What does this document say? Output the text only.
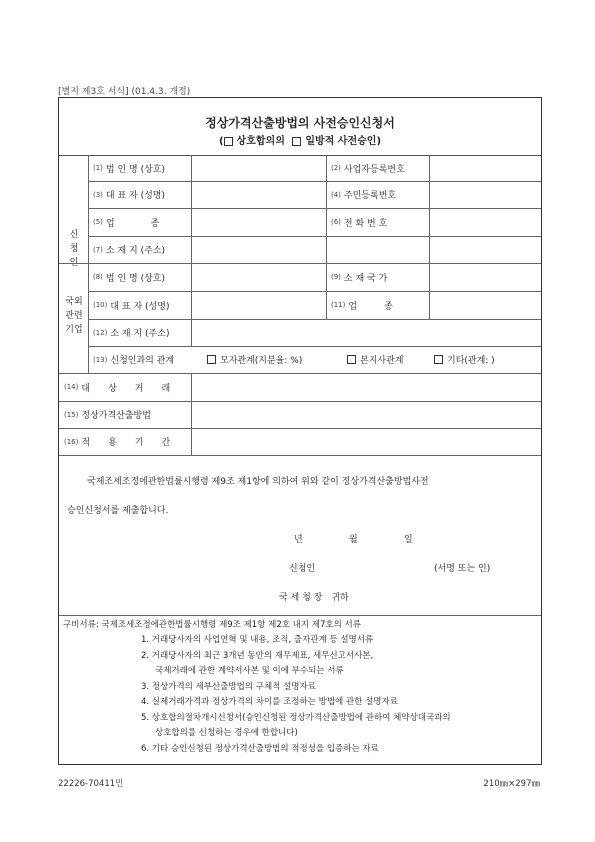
[별지 제3호 서식] (01.4.3. 개정)
정상가격산출방법의 사전승인신청서
( 상호합의의 일방적 사전승인)
신청인
국외관련기업
(1) 법 인 명 (상호)	(2) 사업자등록번호
(3) 대 표 자 (성명)	(4) 주민등록번호
(5) 업　　　　종	(6) 전 화 번 호
(7) 소 재 지 (주소)
(8) 법 인 명 (상호)	(9) 소 재 국 가
(10) 대 표 자 (성명)	(11) 업　　　종
(12) 소 재 지 (주소)
(13) 신청인과의 관계	모자관계(지분율: %)	본지사관계	기타(관계: )
(14) 대　　상　　거　　래
(15) 정상가격산출방법
(16) 적　　용　　기　　간
국제조세조정에관한법률시행령 제9조 제1항에 의하여 위와 같이 정상가격산출방법사전
승인신청서를 제출합니다.
년	월	일
신청인	(서명 또는 인)
국 세 청 장　귀하
구비서류: 국제조세조정에관한법률시행령 제9조 제1항 제2호 내지 제7호의 서류
1. 거래당사자의 사업연혁 및 내용, 조직, 출자관계 등 설명서류
2. 거래당사자의 최근 3개년 동안의 재무제표, 세무신고서사본,
국제거래에 관한 계약서사본 및 이에 부수되는 서류
3. 정상가격의 세부산출방법의 구체적 설명자료
4. 실제거래가격과 정상가격의 차이를 조정하는 방법에 관한 설명자료
5. 상호합의절차개시신청서(승인신청된 정상가격산출방법에 관하여 체약상대국과의
상호합의를 신청하는 경우에 한합니다)
6. 기타 승인신청된 정상가격산출방법의 적정성을 입증하는 자료
22226-70411민	210㎜×297㎜
